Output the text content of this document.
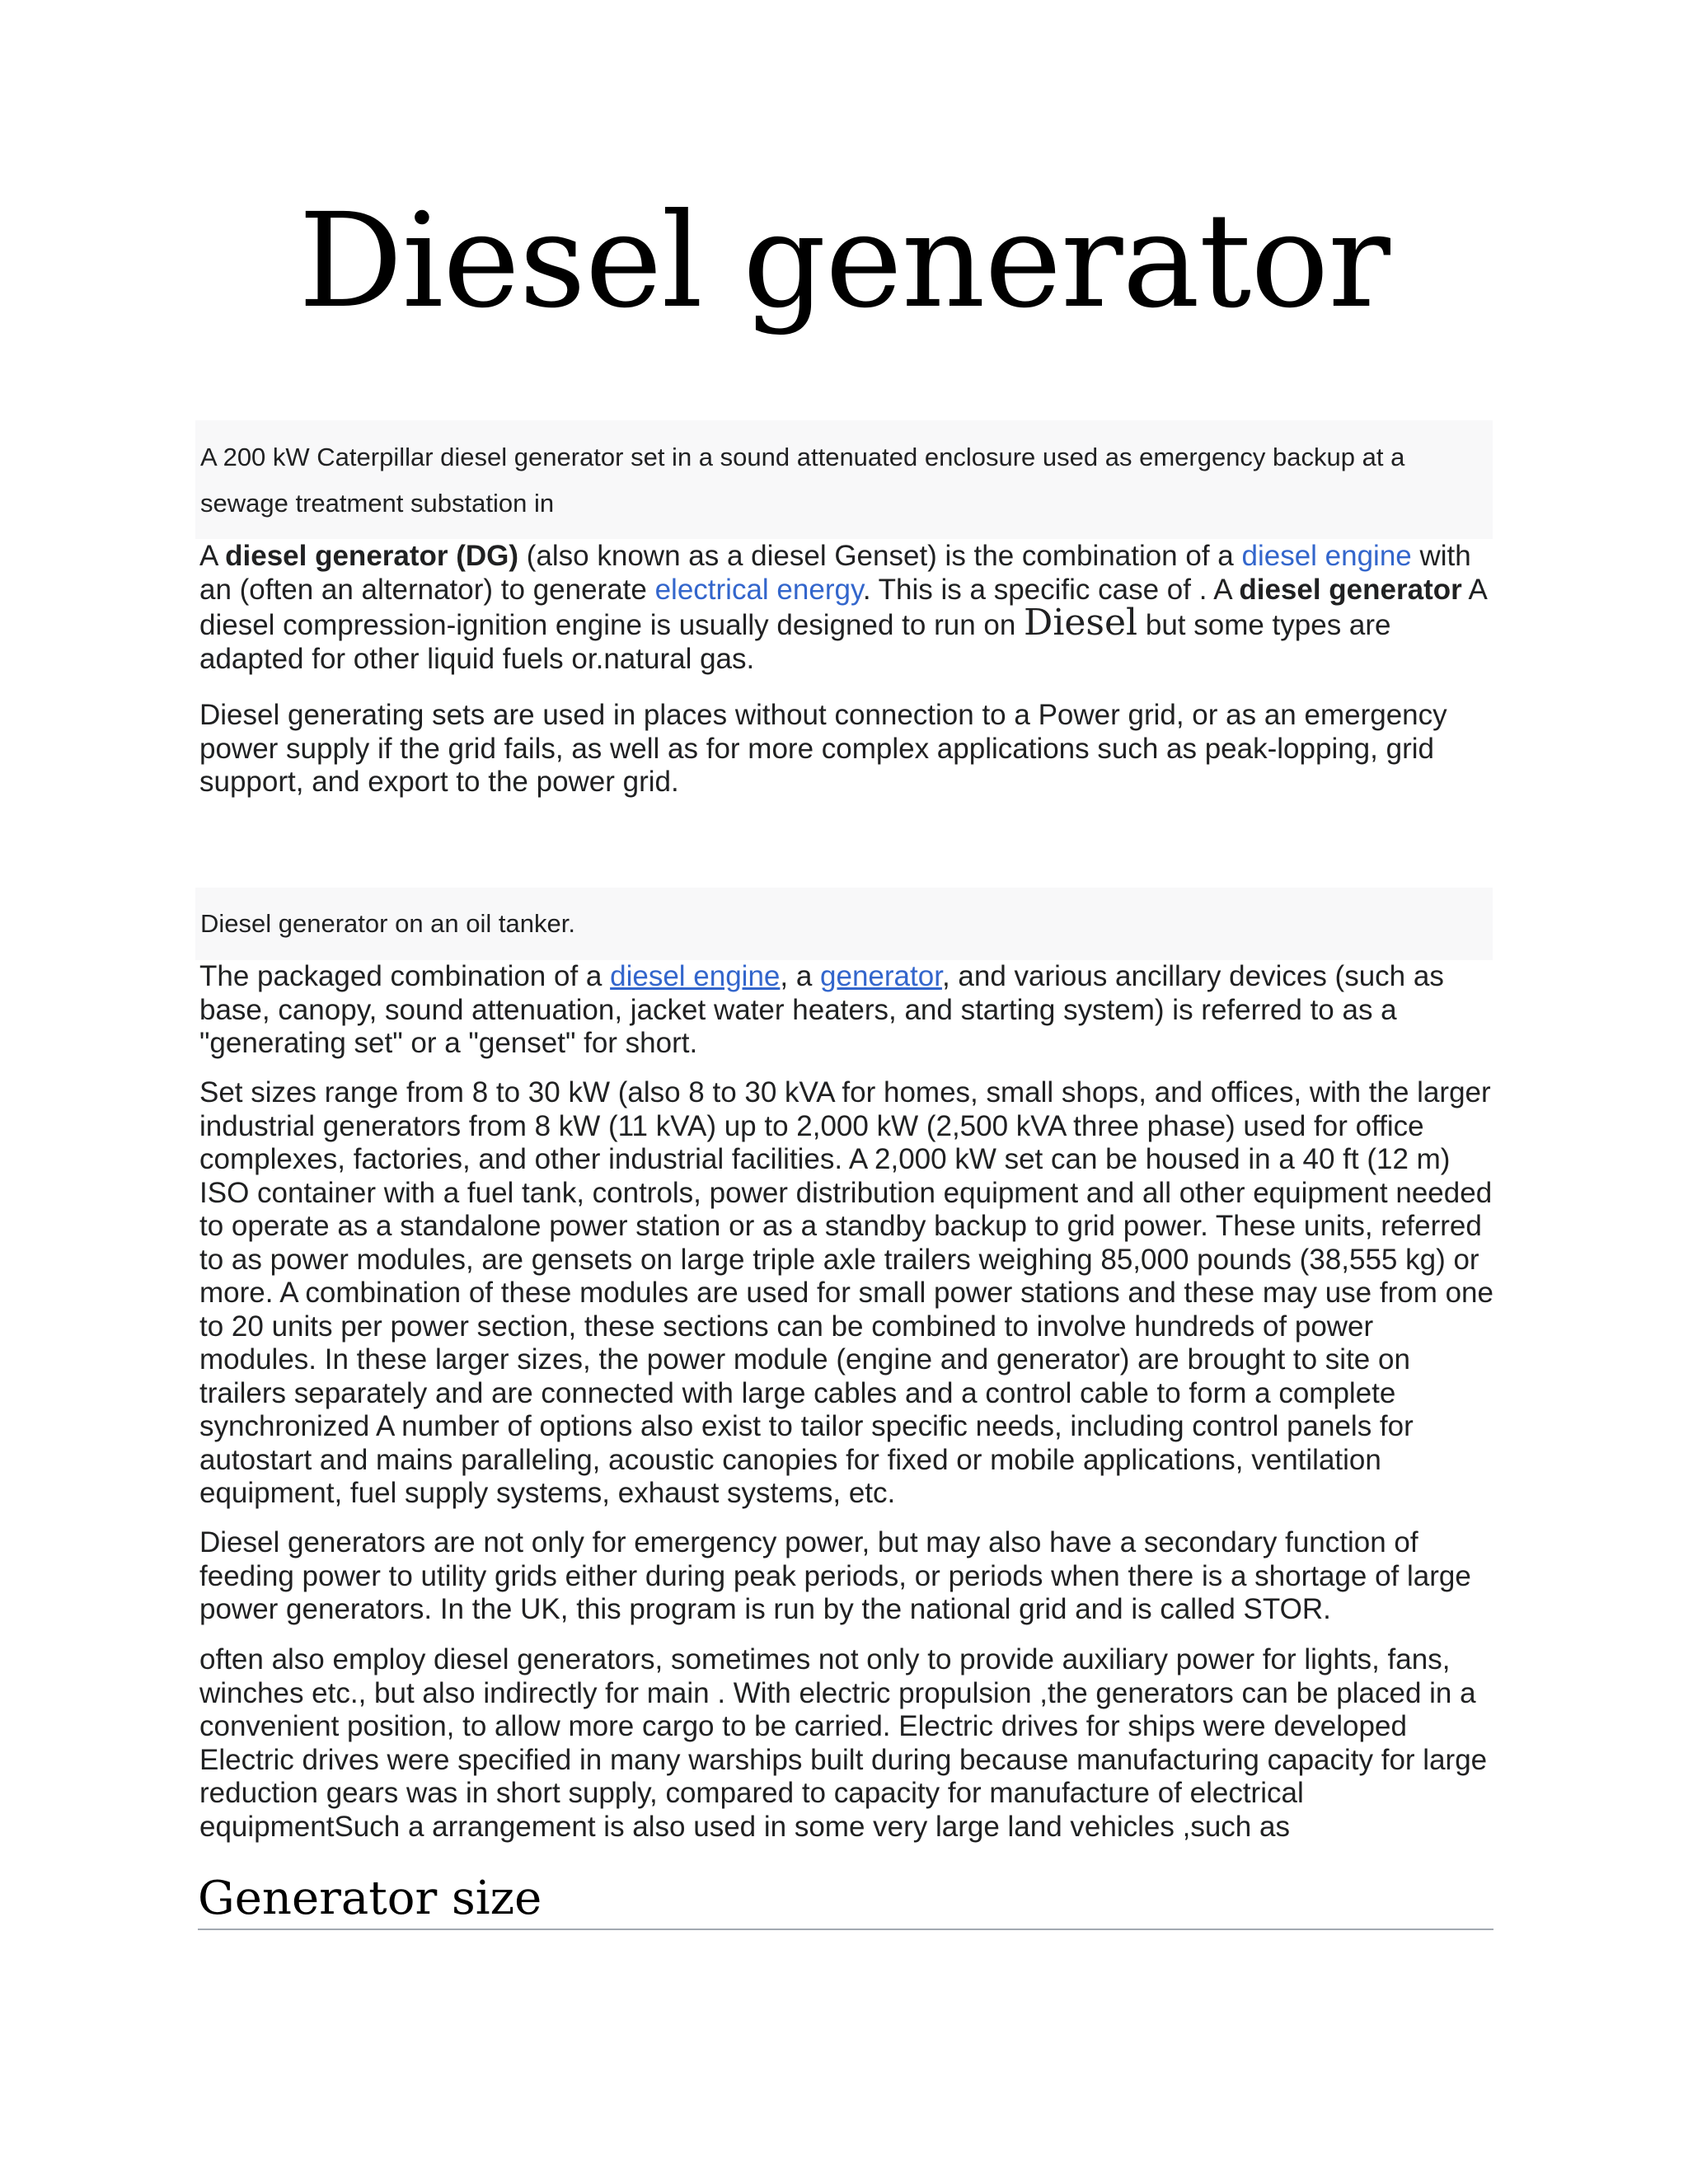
Diesel generator
A 200 kW Caterpillar diesel generator set in a sound attenuated enclosure used as emergency backup at a sewage treatment substation in

A diesel generator (DG) (also known as a diesel Genset) is the combination of a diesel engine with an (often an alternator) to generate electrical energy. This is a specific case of . A diesel generator A diesel compression-ignition engine is usually designed to run on Diesel but some types are adapted for other liquid fuels or.natural gas.

Diesel generating sets are used in places without connection to a Power grid, or as an emergency power supply if the grid fails, as well as for more complex applications such as peak-lopping, grid support, and export to the power grid.

Diesel generator on an oil tanker.

The packaged combination of a diesel engine, a generator, and various ancillary devices (such as base, canopy, sound attenuation, jacket water heaters, and starting system) is referred to as a "generating set" or a "genset" for short.

Set sizes range from 8 to 30 kW (also 8 to 30 kVA for homes, small shops, and offices, with the larger industrial generators from 8 kW (11 kVA) up to 2,000 kW (2,500 kVA three phase) used for office complexes, factories, and other industrial facilities. A 2,000 kW set can be housed in a 40 ft (12 m) ISO container with a fuel tank, controls, power distribution equipment and all other equipment needed to operate as a standalone power station or as a standby backup to grid power. These units, referred to as power modules, are gensets on large triple axle trailers weighing 85,000 pounds (38,555 kg) or more. A combination of these modules are used for small power stations and these may use from one to 20 units per power section, these sections can be combined to involve hundreds of power modules. In these larger sizes, the power module (engine and generator) are brought to site on trailers separately and are connected with large cables and a control cable to form a complete synchronized A number of options also exist to tailor specific needs, including control panels for autostart and mains paralleling, acoustic canopies for fixed or mobile applications, ventilation equipment, fuel supply systems, exhaust systems, etc.

Diesel generators are not only for emergency power, but may also have a secondary function of feeding power to utility grids either during peak periods, or periods when there is a shortage of large power generators. In the UK, this program is run by the national grid and is called STOR.

often also employ diesel generators, sometimes not only to provide auxiliary power for lights, fans, winches etc., but also indirectly for main . With electric propulsion ,the generators can be placed in a convenient position, to allow more cargo to be carried. Electric drives for ships were developed Electric drives were specified in many warships built during because manufacturing capacity for large reduction gears was in short supply, compared to capacity for manufacture of electrical equipmentSuch a arrangement is also used in some very large land vehicles ,such as

Generator size
